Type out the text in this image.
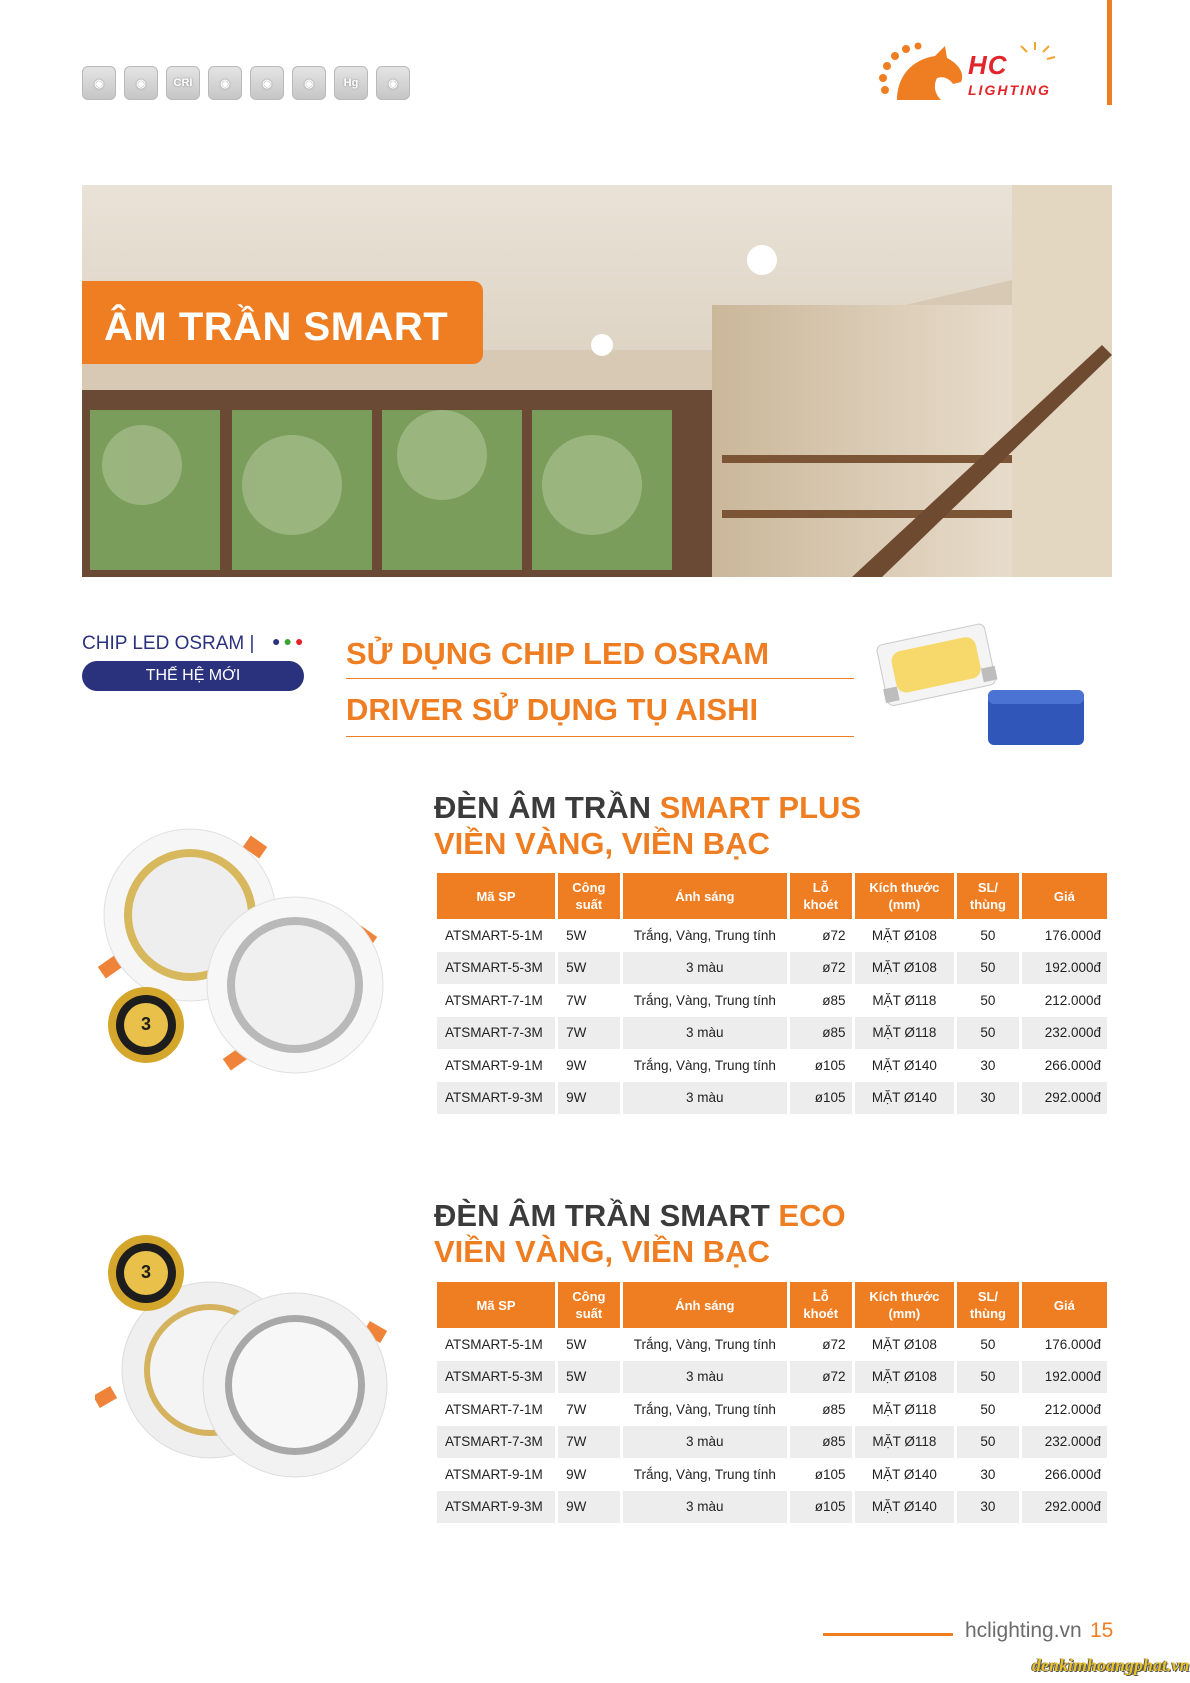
◉	◉	CRI	◉	◉	◉	Hg	◉
HC
LIGHTING
ÂM TRẦN SMART
CHIP LED OSRAM | ●●●
THẾ HỆ MỚI
SỬ DỤNG CHIP LED OSRAM
DRIVER SỬ DỤNG TỤ AISHI
ĐÈN ÂM TRẦN SMART PLUS
VIỀN VÀNG, VIỀN BẠC
3
Mã SP	Công suất	Ánh sáng	Lỗ khoét	Kích thước (mm)	SL/ thùng	Giá
ATSMART-5-1M	5W	Trắng, Vàng, Trung tính	ø72	MẶT Ø108	50	176.000đ
ATSMART-5-3M	5W	3 màu	ø72	MẶT Ø108	50	192.000đ
ATSMART-7-1M	7W	Trắng, Vàng, Trung tính	ø85	MẶT Ø118	50	212.000đ
ATSMART-7-3M	7W	3 màu	ø85	MẶT Ø118	50	232.000đ
ATSMART-9-1M	9W	Trắng, Vàng, Trung tính	ø105	MẶT Ø140	30	266.000đ
ATSMART-9-3M	9W	3 màu	ø105	MẶT Ø140	30	292.000đ
ĐÈN ÂM TRẦN SMART ECO
VIỀN VÀNG, VIỀN BẠC
3
Mã SP	Công suất	Ánh sáng	Lỗ khoét	Kích thước (mm)	SL/ thùng	Giá
ATSMART-5-1M	5W	Trắng, Vàng, Trung tính	ø72	MẶT Ø108	50	176.000đ
ATSMART-5-3M	5W	3 màu	ø72	MẶT Ø108	50	192.000đ
ATSMART-7-1M	7W	Trắng, Vàng, Trung tính	ø85	MẶT Ø118	50	212.000đ
ATSMART-7-3M	7W	3 màu	ø85	MẶT Ø118	50	232.000đ
ATSMART-9-1M	9W	Trắng, Vàng, Trung tính	ø105	MẶT Ø140	30	266.000đ
ATSMART-9-3M	9W	3 màu	ø105	MẶT Ø140	30	292.000đ
hclighting.vn 15
denkimhoangphat.vn
